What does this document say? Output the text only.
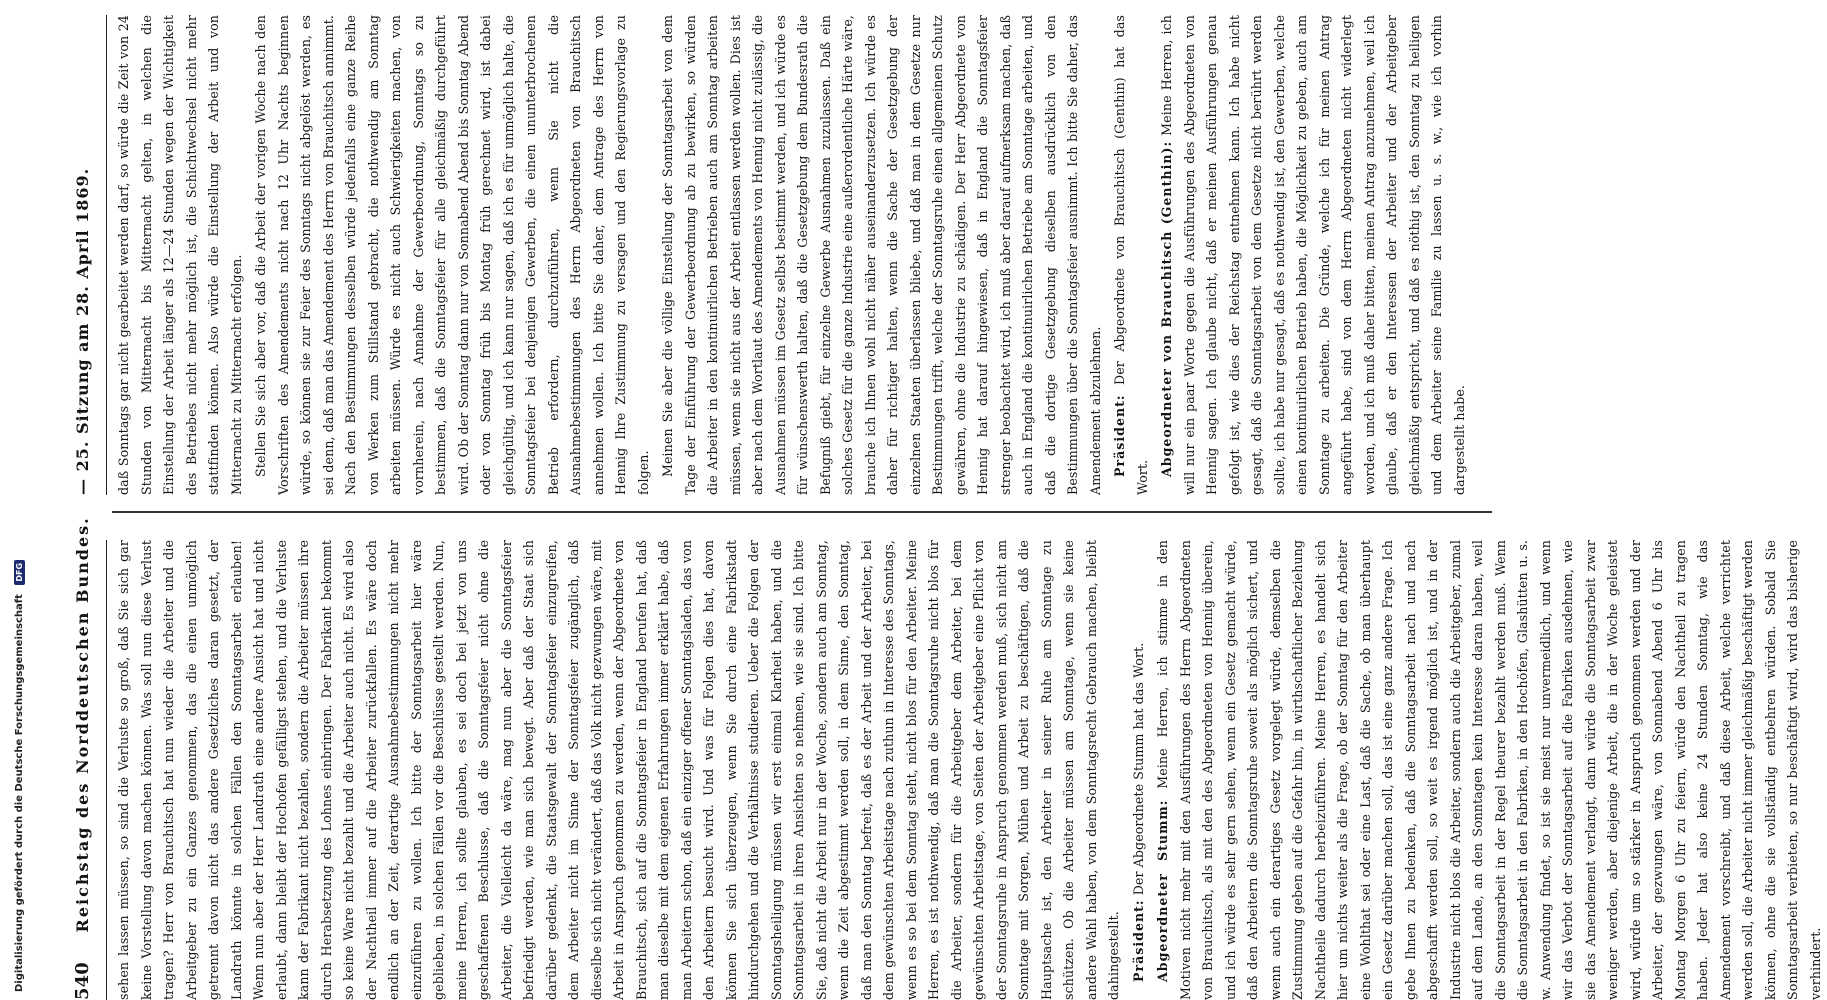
Digitalisierung gefördert durch die Deutsche Forschungsgemeinschaft DFG
540 Reichstag des Norddeutschen Bundes.	sehen lassen müssen, so sind die Verluste so groß, daß Sie sich gar keine Vorstellung davon machen können. Was soll nun diese Verlust tragen? Herr von Brauchitsch hat nun wieder die Arbeiter und die Arbeitgeber zu ein Ganzes genommen, das die einen unmöglich getrennt davon nicht das andere Gesetzliches daran gesetzt, der Landrath könnte in solchen Fällen den Sonntagsarbeit erlauben! Wenn nun aber der Herr Landrath eine andere Ansicht hat und nicht erlaubt, dann bleibt der Hochofen gefälligst stehen, und die Verluste kann der Fabrikant nicht bezahlen, sondern die Arbeiter müssen ihre durch Herabsetzung des Lohnes einbringen. Der Fabrikant bekommt so keine Ware nicht bezahlt und die Arbeiter auch nicht. Es wird also der Nachtheil immer auf die Arbeiter zurückfallen. Es wäre doch endlich an der Zeit, derartige Ausnahmebestimmungen nicht mehr einzuführen zu wollen. Ich bitte der Sonntagsarbeit hier wäre geblieben, in solchen Fällen vor die Beschlüsse gestellt werden. Nun, meine Herren, ich sollte glauben, es sei doch bei jetzt von uns geschaffenen Beschlusse, daß die Sonntagsfeier nicht ohne die Arbeiter, die Vielleicht da wäre, mag nun aber die Sonntagsfeier befriedigt werden, wie man sich bewegt. Aber daß der Staat sich darüber gedenkt, die Staatsgewalt der Sonntagsfeier einzugreifen, dem Arbeiter nicht im Sinne der Sonntagsfeier zugänglich, daß dieselbe sich nicht verändert, daß das Volk nicht gezwungen wäre, mit Arbeit in Anspruch genommen zu werden, wenn der Abgeordnete von Brauchitsch, sich auf die Sonntagsfeier in England berufen hat, daß man dieselbe mit dem eigenen Erfahrungen immer erklärt habe, daß man Arbeitern schon, daß ein einziger offener Sonntagsladen, das von den Arbeitern besucht wird. Und was für Folgen dies hat, davon können Sie sich überzeugen, wenn Sie durch eine Fabrikstadt hindurchgehen und die Verhältnisse studieren. Ueber die Folgen der Sonntagsheiligung müssen wir erst einmal Klarheit haben, und die Sonntagsarbeit in ihren Ansichten so nehmen, wie sie sind. Ich bitte Sie, daß nicht die Arbeit nur in der Woche, sondern auch am Sonntag, wenn die Zeit abgestimmt werden soll, in dem Sinne, den Sonntag, daß man den Sonntag befreit, daß es der Arbeit und der Arbeiter, bei dem gewünschten Arbeitstage nach zuthun in Interesse des Sonntags, wenn es so bei dem Sonntag steht, nicht blos für den Arbeiter. Meine Herren, es ist nothwendig, daß man die Sonntagsruhe nicht blos für die Arbeiter, sondern für die Arbeitgeber dem Arbeiter, bei dem gewünschten Arbeitstage, von Seiten der Arbeitgeber eine Pflicht von der Sonntagsruhe in Anspruch genommen werden muß, sich nicht am Sonntage mit Sorgen, Mühen und Arbeit zu beschäftigen, daß die Hauptsache ist, den Arbeiter in seiner Ruhe am Sonntage zu schützen. Ob die Arbeiter müssen am Sonntage, wenn sie keine andere Wahl haben, von dem Sonntagsrecht Gebrauch machen, bleibt dahingestellt. Präsident: Der Abgeordnete Stumm hat das Wort. Abgeordneter Stumm: Meine Herren, ich stimme in den Motiven nicht mehr mit den Ausführungen des Herrn Abgeordneten von Brauchitsch, als mit den des Abgeordneten von Hennig überein, und ich würde es sehr gern sehen, wenn ein Gesetz gemacht würde, daß den Arbeitern die Sonntagsruhe soweit als möglich sichert, und wenn auch ein derartiges Gesetz vorgelegt würde, demselben die Zustimmung geben auf die Gefahr hin, in wirthschaftlicher Beziehung Nachtheile dadurch herbeizuführen. Meine Herren, es handelt sich hier um nichts weiter als die Frage, ob der Sonntag für den Arbeiter eine Wohlthat sei oder eine Last, daß die Sache, ob man überhaupt ein Gesetz darüber machen soll, das ist eine ganz andere Frage. Ich gebe Ihnen zu bedenken, daß die Sonntagsarbeit nach und nach abgeschafft werden soll, so weit es irgend möglich ist, und in der Industrie nicht blos die Arbeiter, sondern auch die Arbeitgeber, zumal auf dem Lande, an den Sonntagen kein Interesse daran haben, weil die Sonntagsarbeit in der Regel theurer bezahlt werden muß. Wenn die Sonntagsarbeit in den Fabriken, in den Hochöfen, Glashütten u. s. w. Anwendung findet, so ist sie meist nur unvermeidlich, und wenn wir das Verbot der Sonntagsarbeit auf die Fabriken ausdehnen, wie sie das Amendement verlangt, dann würde die Sonntagsarbeit zwar weniger werden, aber diejenige Arbeit, die in der Woche geleistet wird, würde um so stärker in Anspruch genommen werden und der Arbeiter, der gezwungen wäre, von Sonnabend Abend 6 Uhr bis Montag Morgen 6 Uhr zu feiern, würde den Nachtheil zu tragen haben. Jeder hat also keine 24 Stunden Sonntag, wie das Amendement vorschreibt, und daß diese Arbeit, welche verrichtet werden soll, die Arbeiter nicht immer gleichmäßig beschäftigt werden können, ohne die sie vollständig entbehren würden. Sobald Sie Sonntagsarbeit verbieten, so nur beschäftigt wird, wird das bisherige verhindert.

— 25. Sitzung am 28. April 1869.	daß Sonntags gar nicht gearbeitet werden darf, so würde die Zeit von 24 Stunden von Mitternacht bis Mitternacht gelten, in welchen die Einstellung der Arbeit länger als 12—24 Stunden wegen der Wichtigkeit des Betriebes nicht mehr möglich ist, die Schichtwechsel nicht mehr stattfinden können. Also würde die Einstellung der Arbeit und von Mitternacht zu Mitternacht erfolgen. Stellen Sie sich aber vor, daß die Arbeit der vorigen Woche nach den Vorschriften des Amendements nicht nach 12 Uhr Nachts beginnen würde, so können sie zur Feier des Sonntags nicht abgelöst werden, es sei denn, daß man das Amendement des Herrn von Brauchitsch annimmt. Nach den Bestimmungen desselben würde jedenfalls eine ganze Reihe von Werken zum Stillstand gebracht, die nothwendig am Sonntag arbeiten müssen. Würde es nicht auch Schwierigkeiten machen, von vornherein, nach Annahme der Gewerbeordnung, Sonntags so zu bestimmen, daß die Sonntagsfeier für alle gleichmäßig durchgeführt wird. Ob der Sonntag dann nur von Sonnabend Abend bis Sonntag Abend oder von Sonntag früh bis Montag früh gerechnet wird, ist dabei gleichgültig, und ich kann nur sagen, daß ich es für unmöglich halte, die Sonntagsfeier bei denjenigen Gewerben, die einen ununterbrochenen Betrieb erfordern, durchzuführen, wenn Sie nicht die Ausnahmebestimmungen des Herrn Abgeordneten von Brauchitsch annehmen wollen. Ich bitte Sie daher, dem Antrage des Herrn von Hennig Ihre Zustimmung zu versagen und den Regierungsvorlage zu folgen. Meinen Sie aber die völlige Einstellung der Sonntagsarbeit von dem Tage der Einführung der Gewerbeordnung ab zu bewirken, so würden die Arbeiter in den kontinuirlichen Betrieben auch am Sonntag arbeiten müssen, wenn sie nicht aus der Arbeit entlassen werden wollen. Dies ist aber nach dem Wortlaut des Amendements von Hennig nicht zulässig, die Ausnahmen müssen im Gesetz selbst bestimmt werden, und ich würde es für wünschenswerth halten, daß die Gesetzgebung dem Bundesrath die Befugniß giebt, für einzelne Gewerbe Ausnahmen zuzulassen. Daß ein solches Gesetz für die ganze Industrie eine außerordentliche Härte wäre, brauche ich Ihnen wohl nicht näher auseinanderzusetzen. Ich würde es daher für richtiger halten, wenn die Sache der Gesetzgebung der einzelnen Staaten überlassen bliebe, und daß man in dem Gesetze nur Bestimmungen trifft, welche der Sonntagsruhe einen allgemeinen Schutz gewähren, ohne die Industrie zu schädigen. Der Herr Abgeordnete von Hennig hat darauf hingewiesen, daß in England die Sonntagsfeier strenger beobachtet wird, ich muß aber darauf aufmerksam machen, daß auch in England die kontinuirlichen Betriebe am Sonntage arbeiten, und daß die dortige Gesetzgebung dieselben ausdrücklich von den Bestimmungen über die Sonntagsfeier ausnimmt. Ich bitte Sie daher, das Amendement abzulehnen. Präsident: Der Abgeordnete von Brauchitsch (Genthin) hat das Wort.

Abgeordneter von Brauchitsch (Genthin): Meine Herren, ich will nur ein paar Worte gegen die Ausführungen des Abgeordneten von Hennig sagen. Ich glaube nicht, daß er meinen Ausführungen genau gefolgt ist, wie dies der Reichstag entnehmen kann. Ich habe nicht gesagt, daß die Sonntagsarbeit von dem Gesetze nicht berührt werden sollte, ich habe nur gesagt, daß es nothwendig ist, den Gewerben, welche einen kontinuirlichen Betrieb haben, die Möglichkeit zu geben, auch am Sonntage zu arbeiten. Die Gründe, welche ich für meinen Antrag angeführt habe, sind von dem Herrn Abgeordneten nicht widerlegt worden, und ich muß daher bitten, meinen Antrag anzunehmen, weil ich glaube, daß er den Interessen der Arbeiter und der Arbeitgeber gleichmäßig entspricht, und daß es nöthig ist, den Sonntag zu heiligen und dem Arbeiter seine Familie zu lassen u. s. w., wie ich vorhin dargestellt habe.
